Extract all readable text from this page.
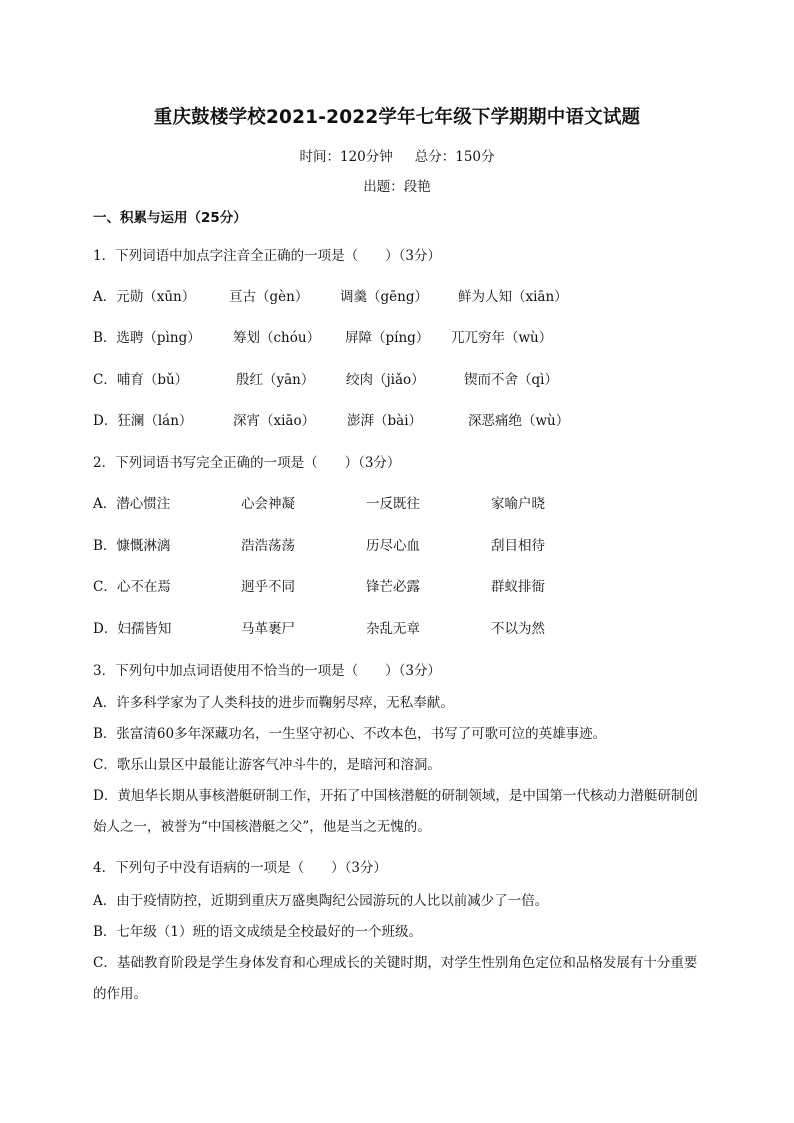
重庆鼓楼学校2021-2022学年七年级下学期期中语文试题
时间：120分钟 总分：150分
出题：段艳
一、积累与运用（25分）
1．下列词语中加点字注音全正确的一项是（　　）（3分）
A．元勋（xūn） 亘古（gèn） 调羹（gēng） 鲜为人知（xiān）
B．选聘（pìng） 筹划（chóu） 屏障（píng） 兀兀穷年（wù）
C．哺育（bǔ）	殷红（yān） 绞肉（jiǎo）	锲而不舍（qì）
D．狂澜（lán）	深宵（xiāo） 澎湃（bài）	深恶痛绝（wù）
2．下列词语书写完全正确的一项是（　　）（3分）
A．潜心惯注	心会神凝	一反既往	家喻户晓
B．慷慨淋漓	浩浩荡荡	历尽心血	刮目相待
C．心不在焉	迥乎不同	锋芒必露	群蚁排衙
D．妇孺皆知	马革裹尸	杂乱无章	不以为然
3．下列句中加点词语使用不恰当的一项是（　　）（3分）
A．许多科学家为了人类科技的进步而鞠躬尽瘁，无私奉献。
B．张富清60多年深藏功名，一生坚守初心、不改本色，书写了可歌可泣的英雄事迹。
C．歌乐山景区中最能让游客气冲斗牛的，是暗河和溶洞。
D．黄旭华长期从事核潜艇研制工作，开拓了中国核潜艇的研制领域，是中国第一代核动力潜艇研制创始人之一，被誉为“中国核潜艇之父”，他是当之无愧的。
4．下列句子中没有语病的一项是（　　）（3分）
A．由于疫情防控，近期到重庆万盛奥陶纪公园游玩的人比以前减少了一倍。
B．七年级（1）班的语文成绩是全校最好的一个班级。
C．基础教育阶段是学生身体发育和心理成长的关键时期，对学生性别角色定位和品格发展有十分重要的作用。
